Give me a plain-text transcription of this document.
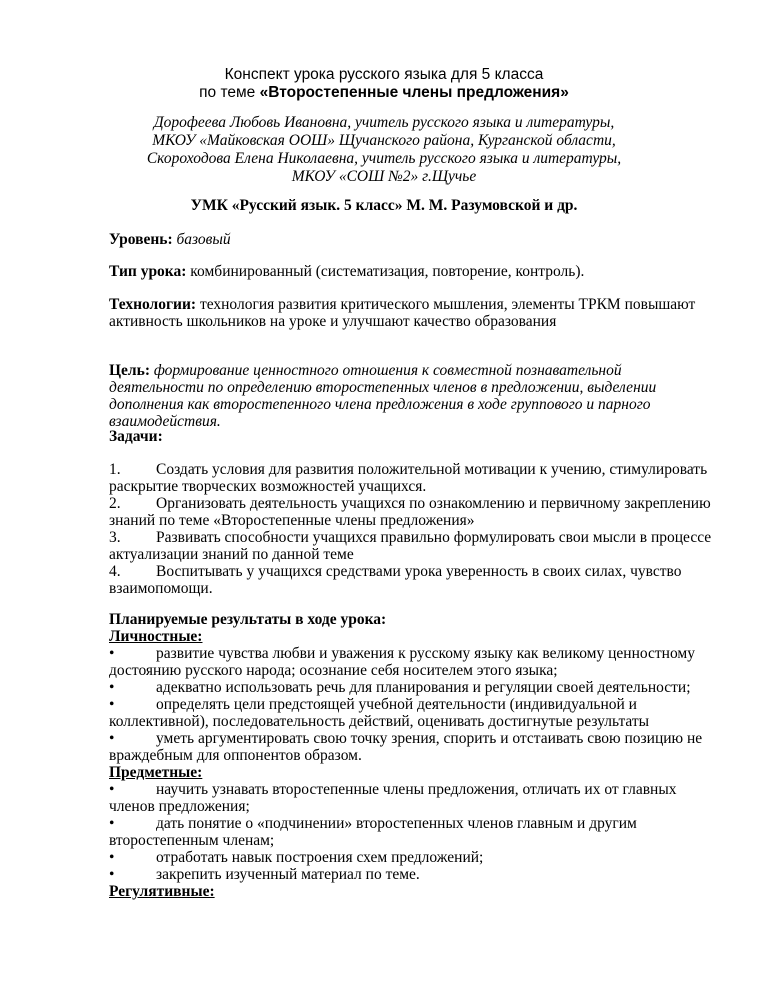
Конспект урока русского языка для 5 класса
по теме «Второстепенные члены предложения»
Дорофеева Любовь Ивановна, учитель русского языка и литературы,
МКОУ «Майковская ООШ» Щучанского района, Курганской области,
Скороходова Елена Николаевна, учитель русского языка и литературы,
МКОУ «СОШ №2» г.Щучье
УМК «Русский язык. 5 класс» М. М. Разумовской и др.
Уровень: базовый
Тип урока: комбинированный (систематизация, повторение, контроль).
Технологии: технология развития критического мышления, элементы ТРКМ повышают
активность школьников на уроке и улучшают качество образования
Цель: формирование ценностного отношения к совместной познавательной
деятельности по определению второстепенных членов в предложении, выделении
дополнения как второстепенного члена предложения в ходе группового и парного
взаимодействия.
Задачи:
1. Создать условия для развития положительной мотивации к учению, стимулировать
раскрытие творческих возможностей учащихся.
2. Организовать деятельность учащихся по ознакомлению и первичному закреплению
знаний по теме «Второстепенные члены предложения»
3. Развивать способности учащихся правильно формулировать свои мысли в процессе
актуализации знаний по данной теме
4. Воспитывать у учащихся средствами урока уверенность в своих силах, чувство
взаимопомощи.
Планируемые результаты в ходе урока:
Личностные:
•	развитие чувства любви и уважения к русскому языку как великому ценностному
достоянию русского народа; осознание себя носителем этого языка;
•	адекватно использовать речь для планирования и регуляции своей деятельности;
•	определять цели предстоящей учебной деятельности (индивидуальной и
коллективной), последовательность действий, оценивать достигнутые результаты
•	уметь аргументировать свою точку зрения, спорить и отстаивать свою позицию не
враждебным для оппонентов образом.
Предметные:
•	научить узнавать второстепенные члены предложения, отличать их от главных
членов предложения;
•	дать понятие о «подчинении» второстепенных членов главным и другим
второстепенным членам;
•	отработать навык построения схем предложений;
•	закрепить изученный материал по теме.
Регулятивные:
